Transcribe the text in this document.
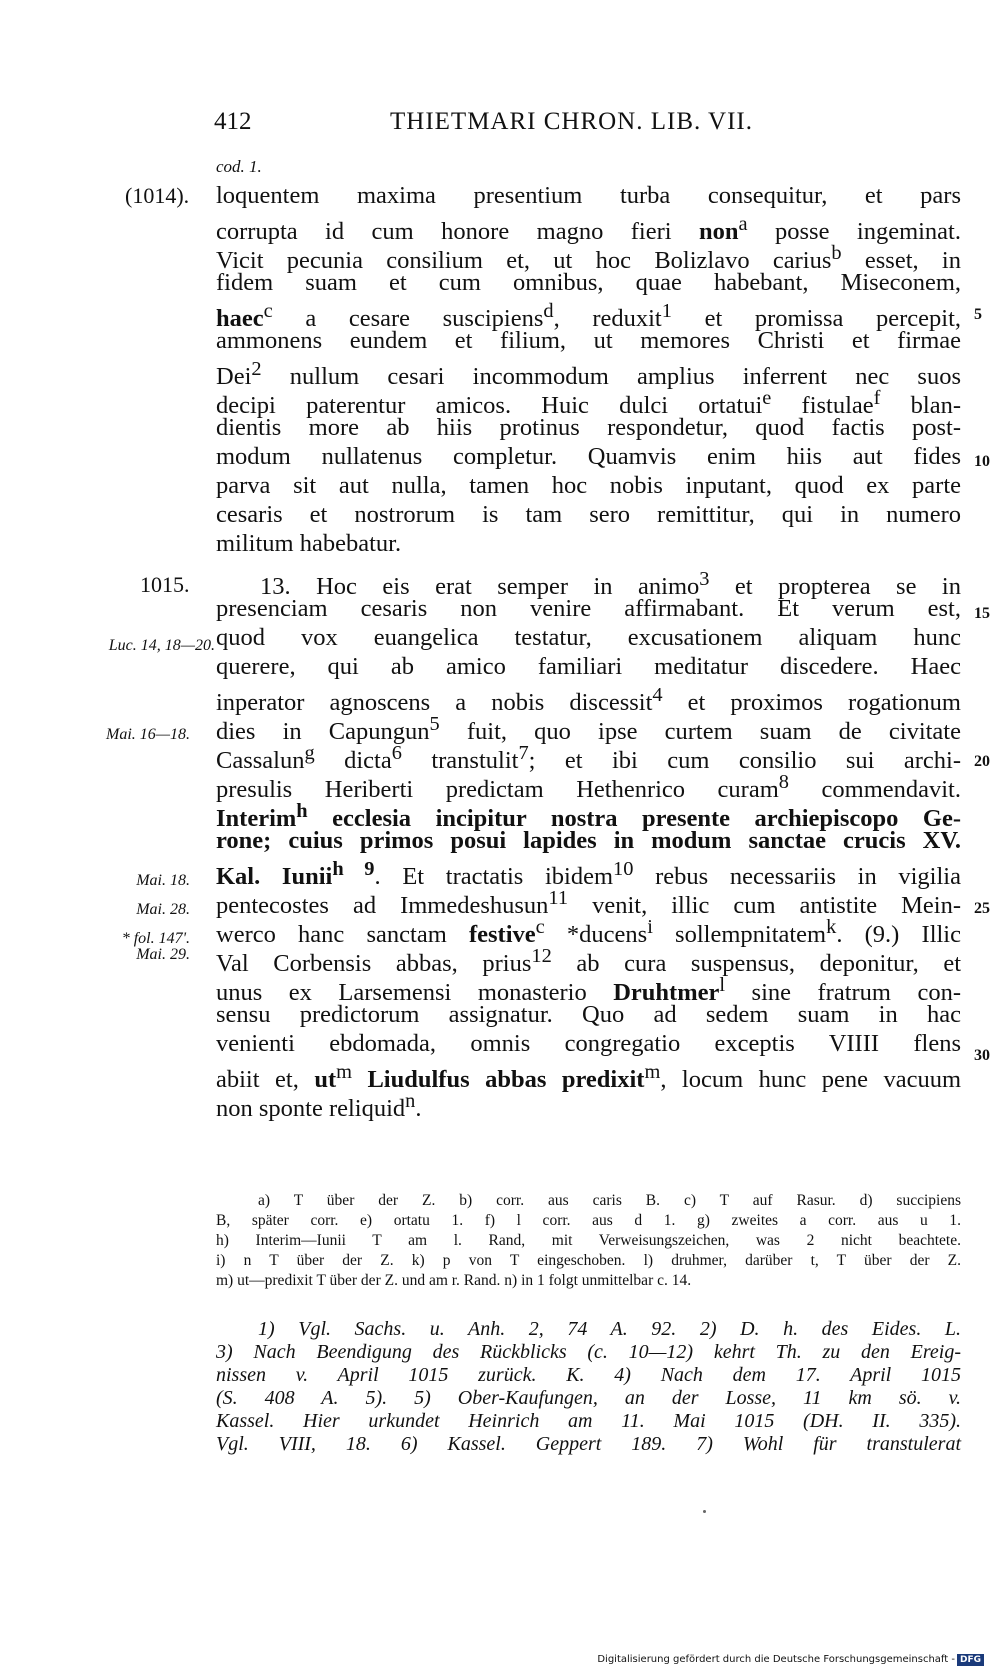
412	THIETMARI CHRON. LIB. VII.
cod. 1.
(1014).
1015.
Luc. 14, 18—20.
Mai. 16—18.
Mai. 18.
Mai. 28.
* fol. 147'.
Mai. 29.
5
10
15
20
25
30
loquentem maxima presentium turba consequitur, et pars
corrupta id cum honore magno fieri non$^a$ posse ingeminat.
Vicit pecunia consilium et, ut hoc Bolizlavo carius$^b$ esset, in
fidem suam et cum omnibus, quae habebant, Miseconem,
haec$^c$ a cesare suscipiens$^d$, reduxit$^1$ et promissa percepit,
ammonens eundem et filium, ut memores Christi et firmae
Dei$^2$ nullum cesari incommodum amplius inferrent nec suos
decipi paterentur amicos. Huic dulci ortatui$^e$ fistulae$^f$ blan-
dientis more ab hiis protinus respondetur, quod factis post-
modum nullatenus completur. Quamvis enim hiis aut fides
parva sit aut nulla, tamen hoc nobis inputant, quod ex parte
cesaris et nostrorum is tam sero remittitur, qui in numero
militum habebatur.
13. Hoc eis erat semper in animo$^3$ et propterea se in
presenciam cesaris non venire affirmabant. Et verum est,
quod vox euangelica testatur, excusationem aliquam hunc
querere, qui ab amico familiari meditatur discedere. Haec
inperator agnoscens a nobis discessit$^4$ et proximos rogationum
dies in Capungun$^5$ fuit, quo ipse curtem suam de civitate
Cassalun$^g$ dicta$^6$ transtulit$^7$; et ibi cum consilio sui archi-
presulis Heriberti predictam Hethenrico curam$^8$ commendavit.
Interim$^h$ ecclesia incipitur nostra presente archiepiscopo Ge-
rone; cuius primos posui lapides in modum sanctae crucis XV.
Kal. Iunii$^{h 9}$. Et tractatis ibidem$^{10}$ rebus necessariis in vigilia
pentecostes ad Immedeshusun$^{11}$ venit, illic cum antistite Mein-
werco hanc sanctam festive$^c$ *ducens$^i$ sollempnitatem$^k$. (9.) Illic
Val Corbensis abbas, prius$^{12}$ ab cura suspensus, deponitur, et
unus ex Larsemensi monasterio Druhtmer$^l$ sine fratrum con-
sensu predictorum assignatur. Quo ad sedem suam in hac
venienti ebdomada, omnis congregatio exceptis VIIII flens
abiit et, $ut^m$ Liudulfus abbas predixit$^m$, locum hunc pene vacuum
non sponte reliquid$^n$.
a) T über der Z. b) corr. aus caris B. c) T auf Rasur. d) succipiens
B, später corr. e) ortatu 1. f) l corr. aus d 1. g) zweites a corr. aus u 1.
h) Interim—Iunii T am l. Rand, mit Verweisungszeichen, was 2 nicht beachtete.
i) n T über der Z. k) p von T eingeschoben. l) druhmer, darüber t, T über der Z.
m) ut—predixit T über der Z. und am r. Rand. n) in 1 folgt unmittelbar c. 14.
1) Vgl. Sachs. u. Anh. 2, 74 A. 92. 2) D. h. des Eides. L.
3) Nach Beendigung des Rückblicks (c. 10—12) kehrt Th. zu den Ereig-
nissen v. April 1015 zurück. K. 4) Nach dem 17. April 1015
(S. 408 A. 5). 5) Ober-Kaufungen, an der Losse, 11 km sö. v.
Kassel. Hier urkundet Heinrich am 11. Mai 1015 (DH. II. 335).
Vgl. VIII, 18. 6) Kassel. Geppert 189. 7) Wohl für transtulerat
Digitalisierung gefördert durch die Deutsche Forschungsgemeinschaft - DFG
